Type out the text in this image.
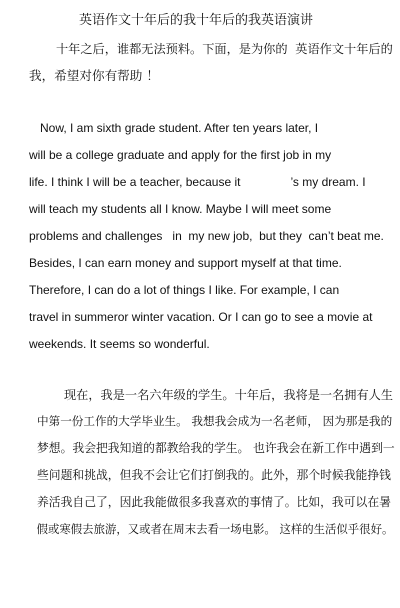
英语作文十年后的我十年后的我英语演讲
十年之后，谁都无法预料。下面，是为你的  英语作文十年后的
我，希望对你有帮助 ！
Now, I am sixth grade student. After ten years later, I
will be a college graduate and apply for the first job in my
life. I think I will be a teacher, because it               ’s my dream. I
will teach my students all I know. Maybe I will meet some
problems and challenges   in  my new job,  but they  can’t beat me.
Besides, I can earn money and support myself at that time.
Therefore, I can do a lot of things I like. For example, I can
travel in summeror winter vacation. Or I can go to see a movie at
weekends. It seems so wonderful.
现在，我是一名六年级的学生。十年后，我将是一名拥有人生
中第一份工作的大学毕业生。 我想我会成为一名老师， 因为那是我的
梦想。我会把我知道的都教给我的学生。 也许我会在新工作中遇到一
些问题和挑战，但我不会让它们打倒我的。此外，那个时候我能挣钱
养活我自己了，因此我能做很多我喜欢的事情了。比如，我可以在暑
假或寒假去旅游，又或者在周末去看一场电影。 这样的生活似乎很好。
